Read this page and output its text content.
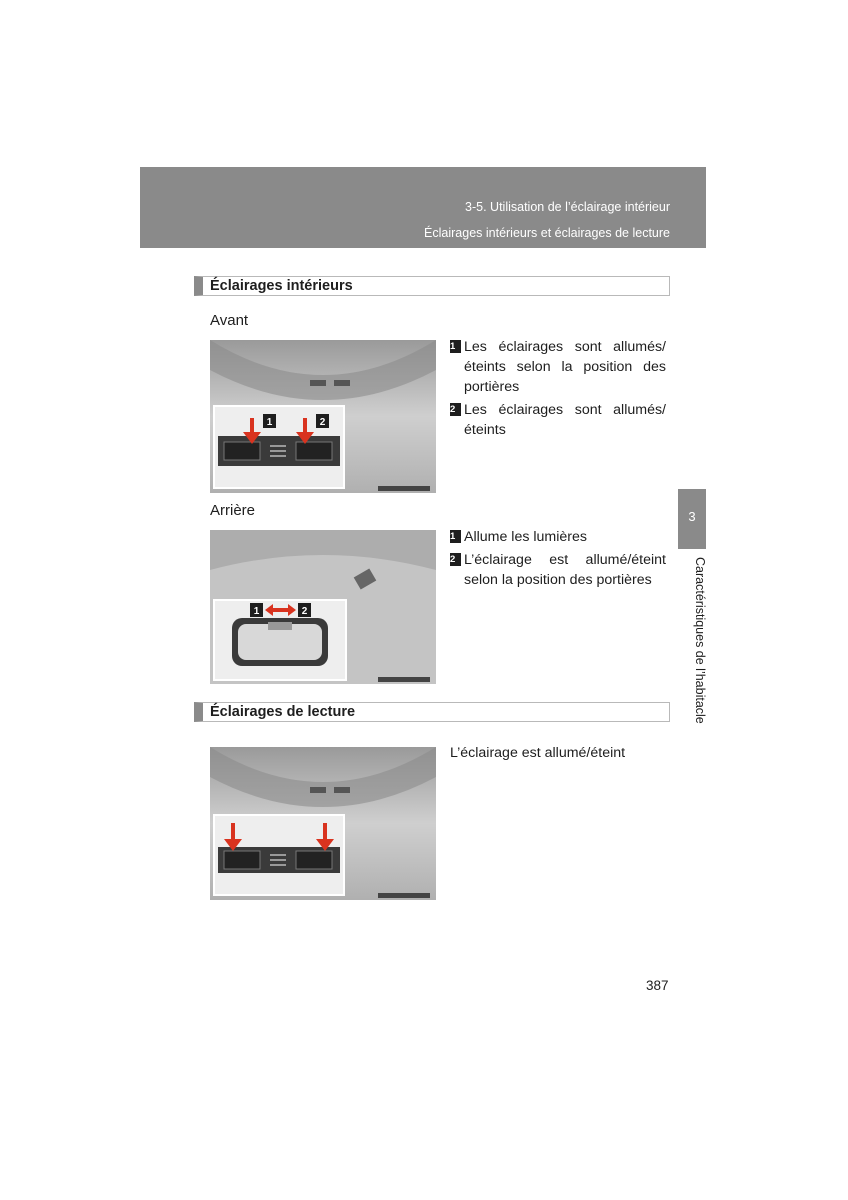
3-5. Utilisation de l’éclairage intérieur
Éclairages intérieurs et éclairages de lecture
Éclairages intérieurs
Avant
1	2
1 Les éclairages sont allumés/ éteints selon la position des portières
2 Les éclairages sont allumés/ éteints
Arrière
1	2
1 Allume les lumières
2 L’éclairage est allumé/éteint selon la position des portières
Éclairages de lecture
L’éclairage est allumé/éteint
3
Caractéristiques de l’habitacle
387
